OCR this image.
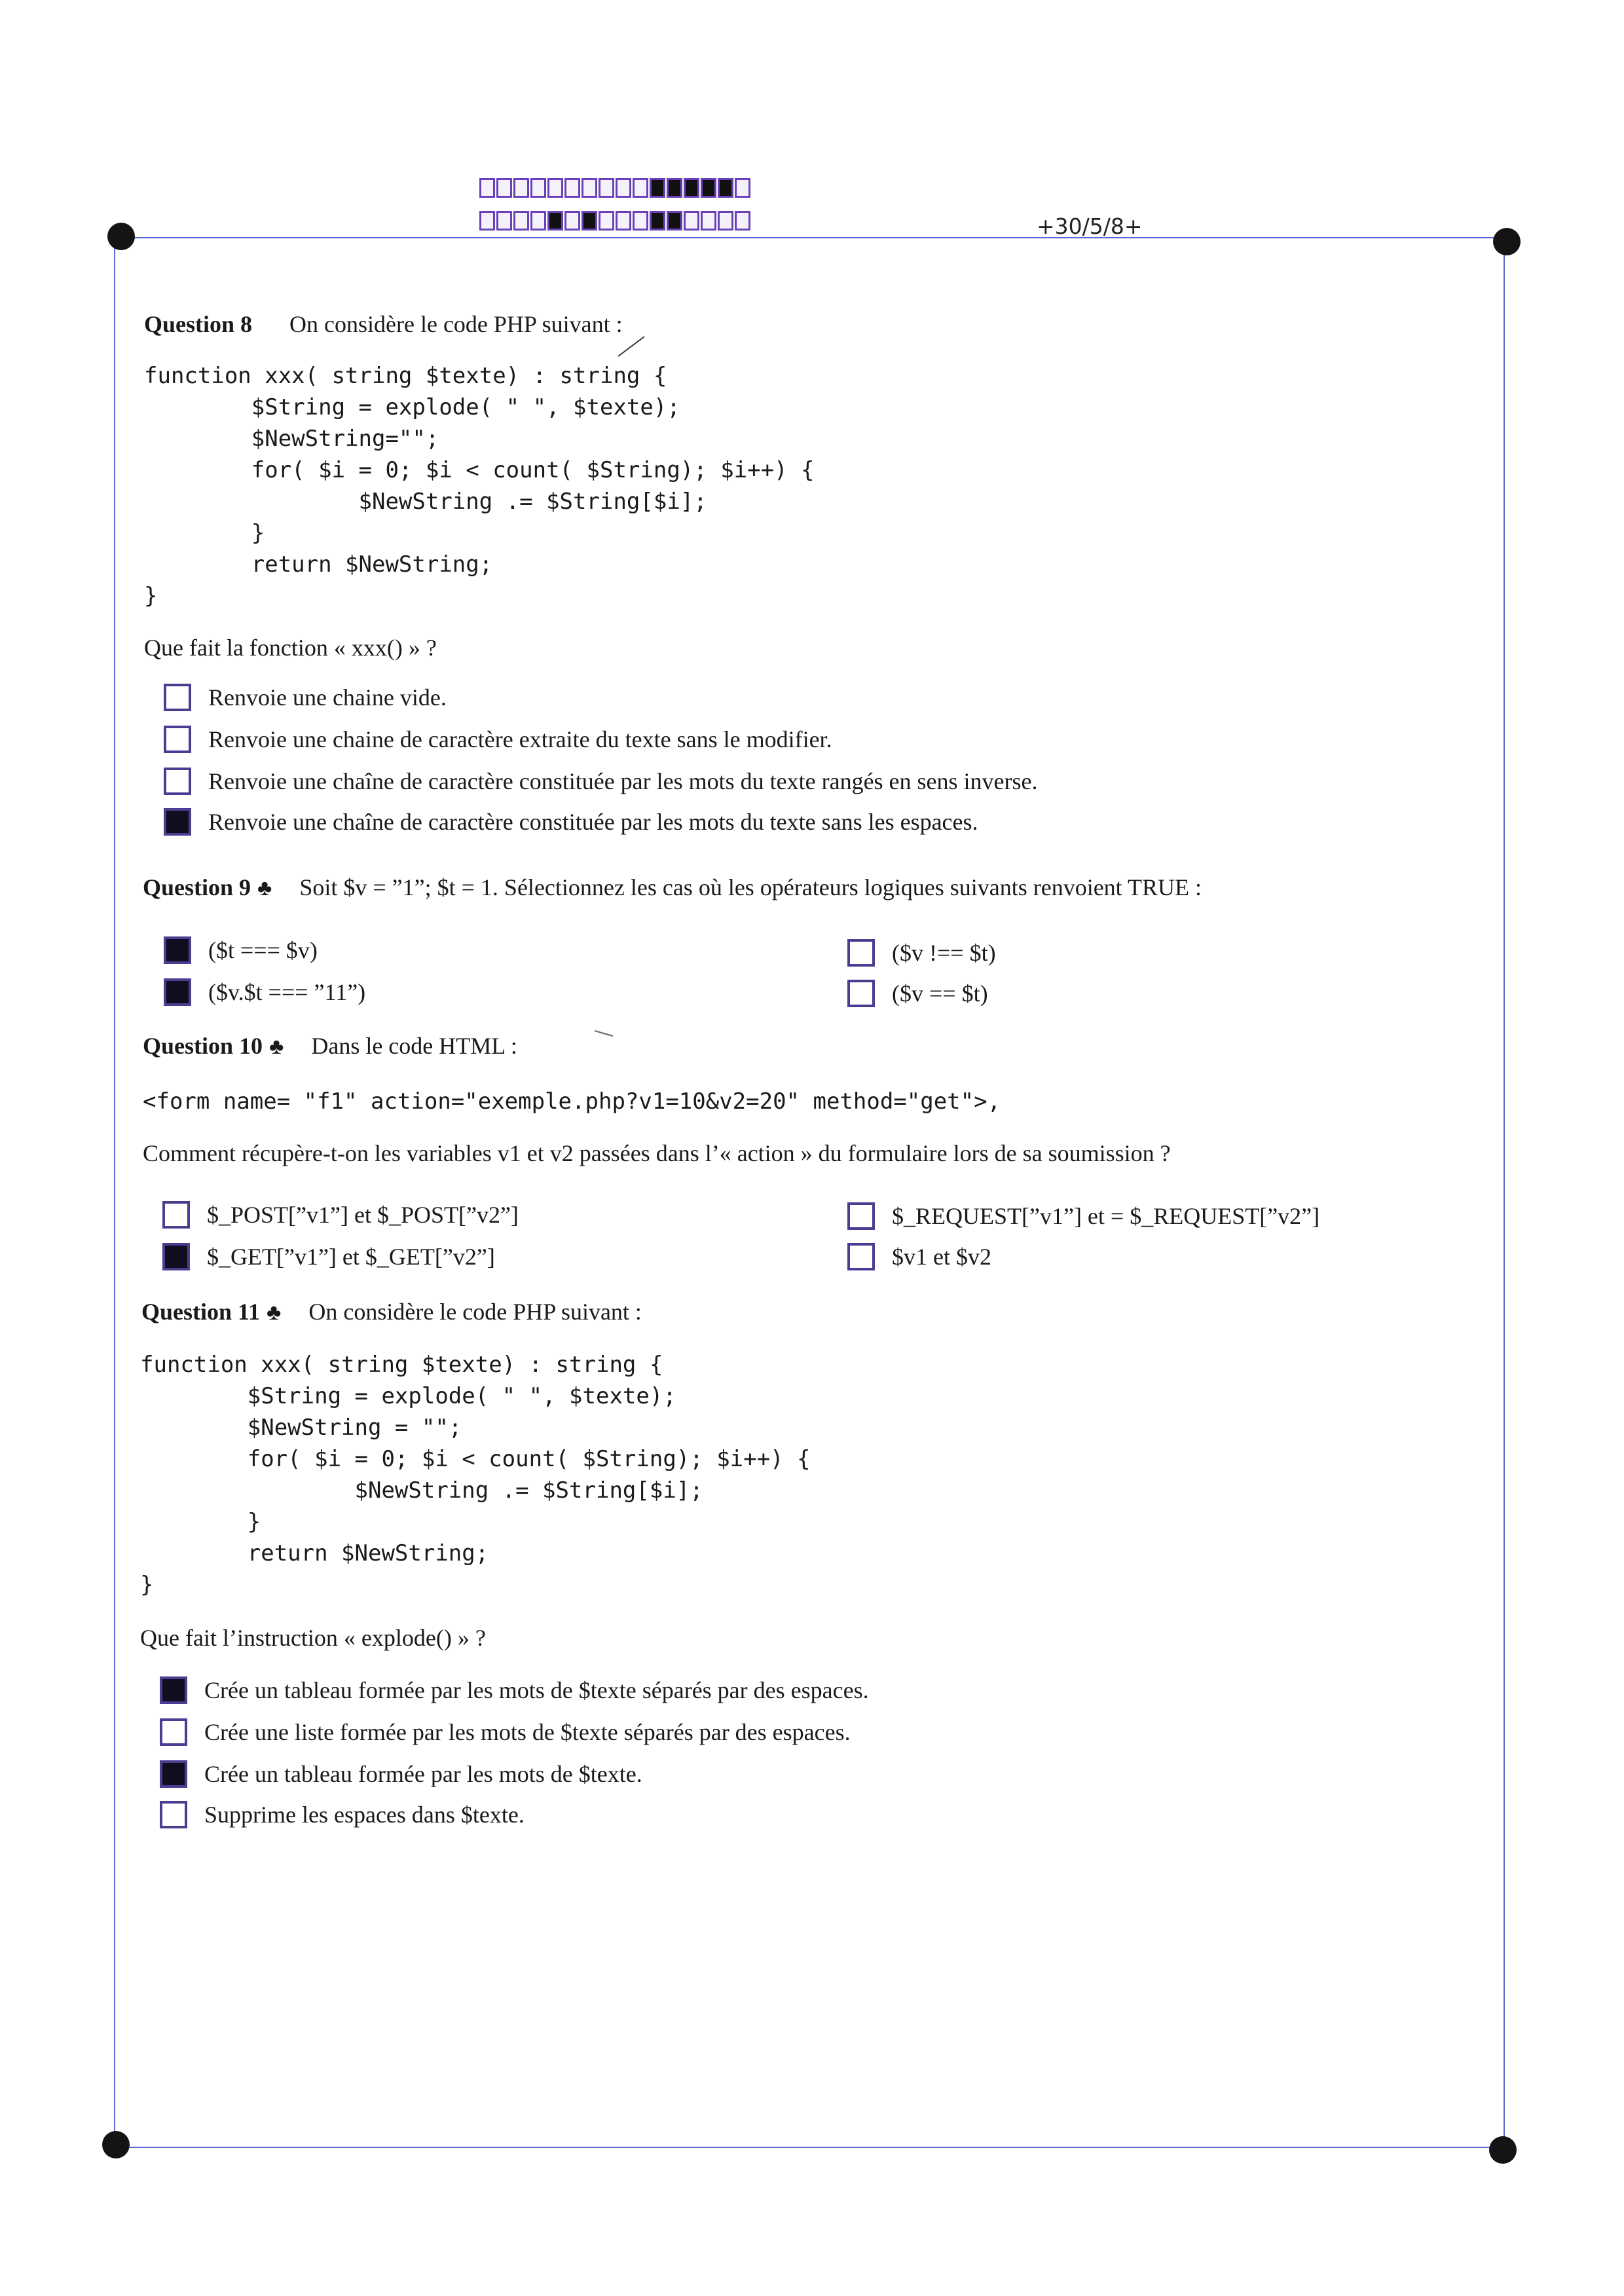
+30/5/8+
Question 8 On considère le code PHP suivant :
function xxx( string $texte) : string {
$String = explode( " ", $texte);
$NewString="";
for( $i = 0; $i < count( $String); $i++) {
$NewString .= $String[$i];
}
return $NewString;
}
Que fait la fonction « xxx() » ?
Renvoie une chaine vide.
Renvoie une chaine de caractère extraite du texte sans le modifier.
Renvoie une chaîne de caractère constituée par les mots du texte rangés en sens inverse.
Renvoie une chaîne de caractère constituée par les mots du texte sans les espaces.
Question 9 ♣ Soit $v = ”1”; $t = 1. Sélectionnez les cas où les opérateurs logiques suivants renvoient TRUE :
($t === $v)
($v.$t === ”11”)
($v !== $t)
($v == $t)
Question 10 ♣ Dans le code HTML :
<form name= "f1" action="exemple.php?v1=10&v2=20" method="get">,
Comment récupère-t-on les variables v1 et v2 passées dans l’« action » du formulaire lors de sa soumission ?
$_POST[”v1”] et $_POST[”v2”]
$_GET[”v1”] et $_GET[”v2”]
$_REQUEST[”v1”] et = $_REQUEST[”v2”]
$v1 et $v2
Question 11 ♣ On considère le code PHP suivant :
function xxx( string $texte) : string {
$String = explode( " ", $texte);
$NewString = "";
for( $i = 0; $i < count( $String); $i++) {
$NewString .= $String[$i];
}
return $NewString;
}
Que fait l’instruction « explode() » ?
Crée un tableau formée par les mots de $texte séparés par des espaces.
Crée une liste formée par les mots de $texte séparés par des espaces.
Crée un tableau formée par les mots de $texte.
Supprime les espaces dans $texte.
